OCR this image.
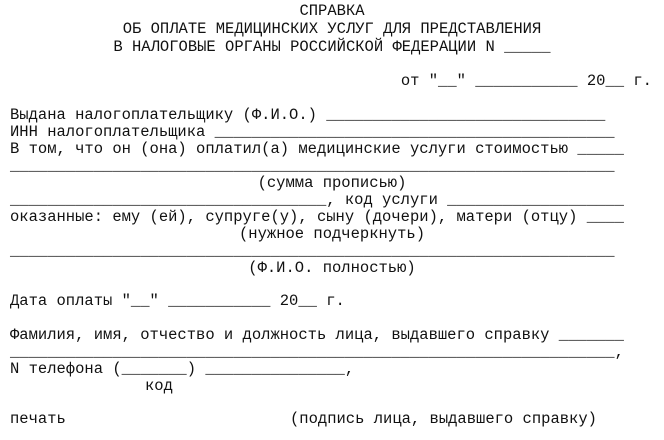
СПРАВКА
ОБ ОПЛАТЕ МЕДИЦИНСКИХ УСЛУГ ДЛЯ ПРЕДСТАВЛЕНИЯ
В НАЛОГОВЫЕ ОРГАНЫ РОССИЙСКОЙ ФЕДЕРАЦИИ N _____
от "__" ___________ 20__ г.
Выдана налогоплательщику (Ф.И.О.) ______________________________
ИНН налогоплательщика ___________________________________________
В том, что он (она) оплатил(а) медицинские услуги стоимостью _____
_________________________________________________________________
(сумма прописью)
__________________________________, код услуги ___________________
оказанные: ему (ей), супруге(у), сыну (дочери), матери (отцу) ____
(нужное подчеркнуть)
_________________________________________________________________
(Ф.И.О. полностью)
Дата оплаты "__" ___________ 20__ г.
Фамилия, имя, отчество и должность лица, выдавшего справку _______
_________________________________________________________________,
N телефона (_______) _______________,
код
печать	(подпись лица, выдавшего справку)
